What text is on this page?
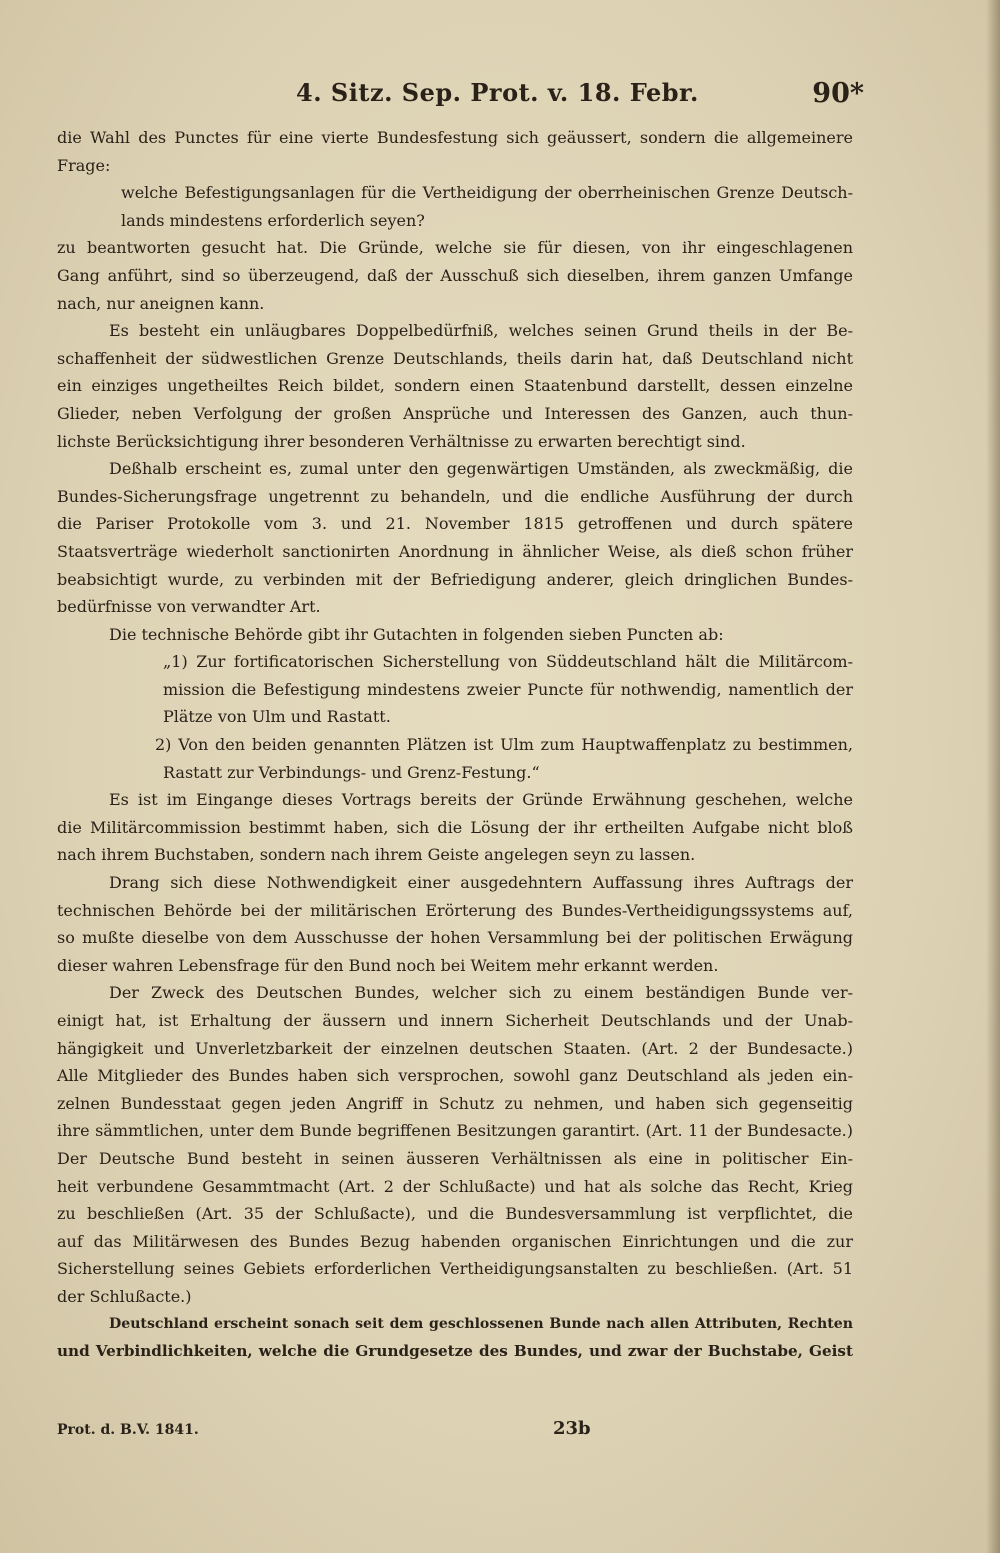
4. Sitz. Sep. Prot. v. 18. Febr.	90*
die Wahl des Punctes für eine vierte Bundesfestung sich geäussert, sondern die allgemeinere
Frage:
welche Befestigungsanlagen für die Vertheidigung der oberrheinischen Grenze Deutsch-
lands mindestens erforderlich seyen?
zu beantworten gesucht hat. Die Gründe, welche sie für diesen, von ihr eingeschlagenen
Gang anführt, sind so überzeugend, daß der Ausschuß sich dieselben, ihrem ganzen Umfange
nach, nur aneignen kann.
Es besteht ein unläugbares Doppelbedürfniß, welches seinen Grund theils in der Be-
schaffenheit der südwestlichen Grenze Deutschlands, theils darin hat, daß Deutschland nicht
ein einziges ungetheiltes Reich bildet, sondern einen Staatenbund darstellt, dessen einzelne
Glieder, neben Verfolgung der großen Ansprüche und Interessen des Ganzen, auch thun-
lichste Berücksichtigung ihrer besonderen Verhältnisse zu erwarten berechtigt sind.
Deßhalb erscheint es, zumal unter den gegenwärtigen Umständen, als zweckmäßig, die
Bundes-Sicherungsfrage ungetrennt zu behandeln, und die endliche Ausführung der durch
die Pariser Protokolle vom 3. und 21. November 1815 getroffenen und durch spätere
Staatsverträge wiederholt sanctionirten Anordnung in ähnlicher Weise, als dieß schon früher
beabsichtigt wurde, zu verbinden mit der Befriedigung anderer, gleich dringlichen Bundes-
bedürfnisse von verwandter Art.
Die technische Behörde gibt ihr Gutachten in folgenden sieben Puncten ab:
„1) Zur fortificatorischen Sicherstellung von Süddeutschland hält die Militärcom-
mission die Befestigung mindestens zweier Puncte für nothwendig, namentlich der
Plätze von Ulm und Rastatt.
2) Von den beiden genannten Plätzen ist Ulm zum Hauptwaffenplatz zu bestimmen,
Rastatt zur Verbindungs- und Grenz-Festung.“
Es ist im Eingange dieses Vortrags bereits der Gründe Erwähnung geschehen, welche
die Militärcommission bestimmt haben, sich die Lösung der ihr ertheilten Aufgabe nicht bloß
nach ihrem Buchstaben, sondern nach ihrem Geiste angelegen seyn zu lassen.
Drang sich diese Nothwendigkeit einer ausgedehntern Auffassung ihres Auftrags der
technischen Behörde bei der militärischen Erörterung des Bundes-Vertheidigungssystems auf,
so mußte dieselbe von dem Ausschusse der hohen Versammlung bei der politischen Erwägung
dieser wahren Lebensfrage für den Bund noch bei Weitem mehr erkannt werden.
Der Zweck des Deutschen Bundes, welcher sich zu einem beständigen Bunde ver-
einigt hat, ist Erhaltung der äussern und innern Sicherheit Deutschlands und der Unab-
hängigkeit und Unverletzbarkeit der einzelnen deutschen Staaten. (Art. 2 der Bundesacte.)
Alle Mitglieder des Bundes haben sich versprochen, sowohl ganz Deutschland als jeden ein-
zelnen Bundesstaat gegen jeden Angriff in Schutz zu nehmen, und haben sich gegenseitig
ihre sämmtlichen, unter dem Bunde begriffenen Besitzungen garantirt. (Art. 11 der Bundesacte.)
Der Deutsche Bund besteht in seinen äusseren Verhältnissen als eine in politischer Ein-
heit verbundene Gesammtmacht (Art. 2 der Schlußacte) und hat als solche das Recht, Krieg
zu beschließen (Art. 35 der Schlußacte), und die Bundesversammlung ist verpflichtet, die
auf das Militärwesen des Bundes Bezug habenden organischen Einrichtungen und die zur
Sicherstellung seines Gebiets erforderlichen Vertheidigungsanstalten zu beschließen. (Art. 51
der Schlußacte.)
Deutschland erscheint sonach seit dem geschlossenen Bunde nach allen Attributen, Rechten
und Verbindlichkeiten, welche die Grundgesetze des Bundes, und zwar der Buchstabe, Geist
Prot. d. B.V. 1841.	23b
